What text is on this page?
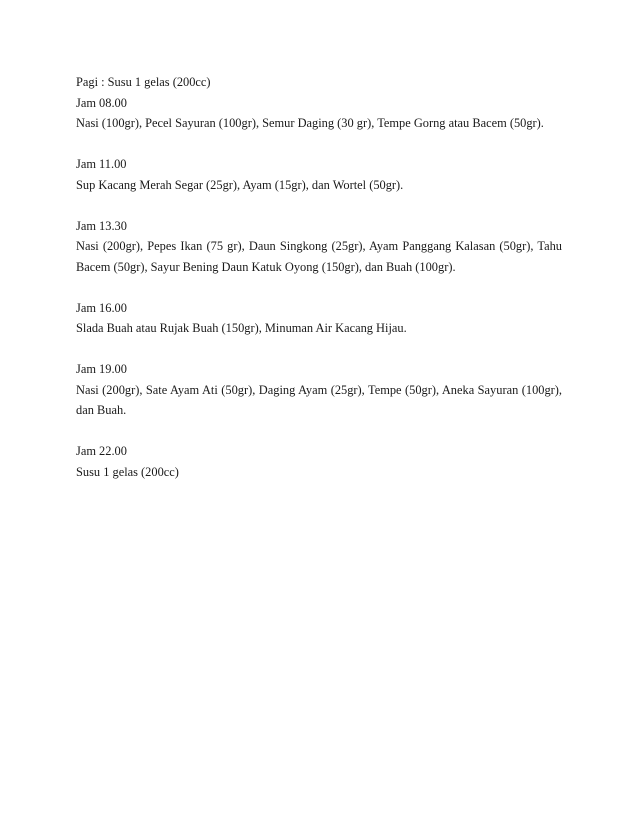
Pagi : Susu 1 gelas (200cc)
Jam 08.00
Nasi (100gr), Pecel Sayuran (100gr), Semur Daging (30 gr), Tempe Gorng atau Bacem (50gr).
Jam 11.00
Sup Kacang Merah Segar (25gr), Ayam (15gr), dan Wortel (50gr).
Jam 13.30
Nasi (200gr), Pepes Ikan (75 gr), Daun Singkong (25gr), Ayam Panggang Kalasan (50gr), Tahu Bacem (50gr), Sayur Bening Daun Katuk Oyong (150gr), dan Buah (100gr).
Jam 16.00
Slada Buah atau Rujak Buah (150gr), Minuman Air Kacang Hijau.
Jam 19.00
Nasi (200gr), Sate Ayam Ati (50gr), Daging Ayam (25gr), Tempe (50gr), Aneka Sayuran (100gr), dan Buah.
Jam 22.00
Susu 1 gelas (200cc)
